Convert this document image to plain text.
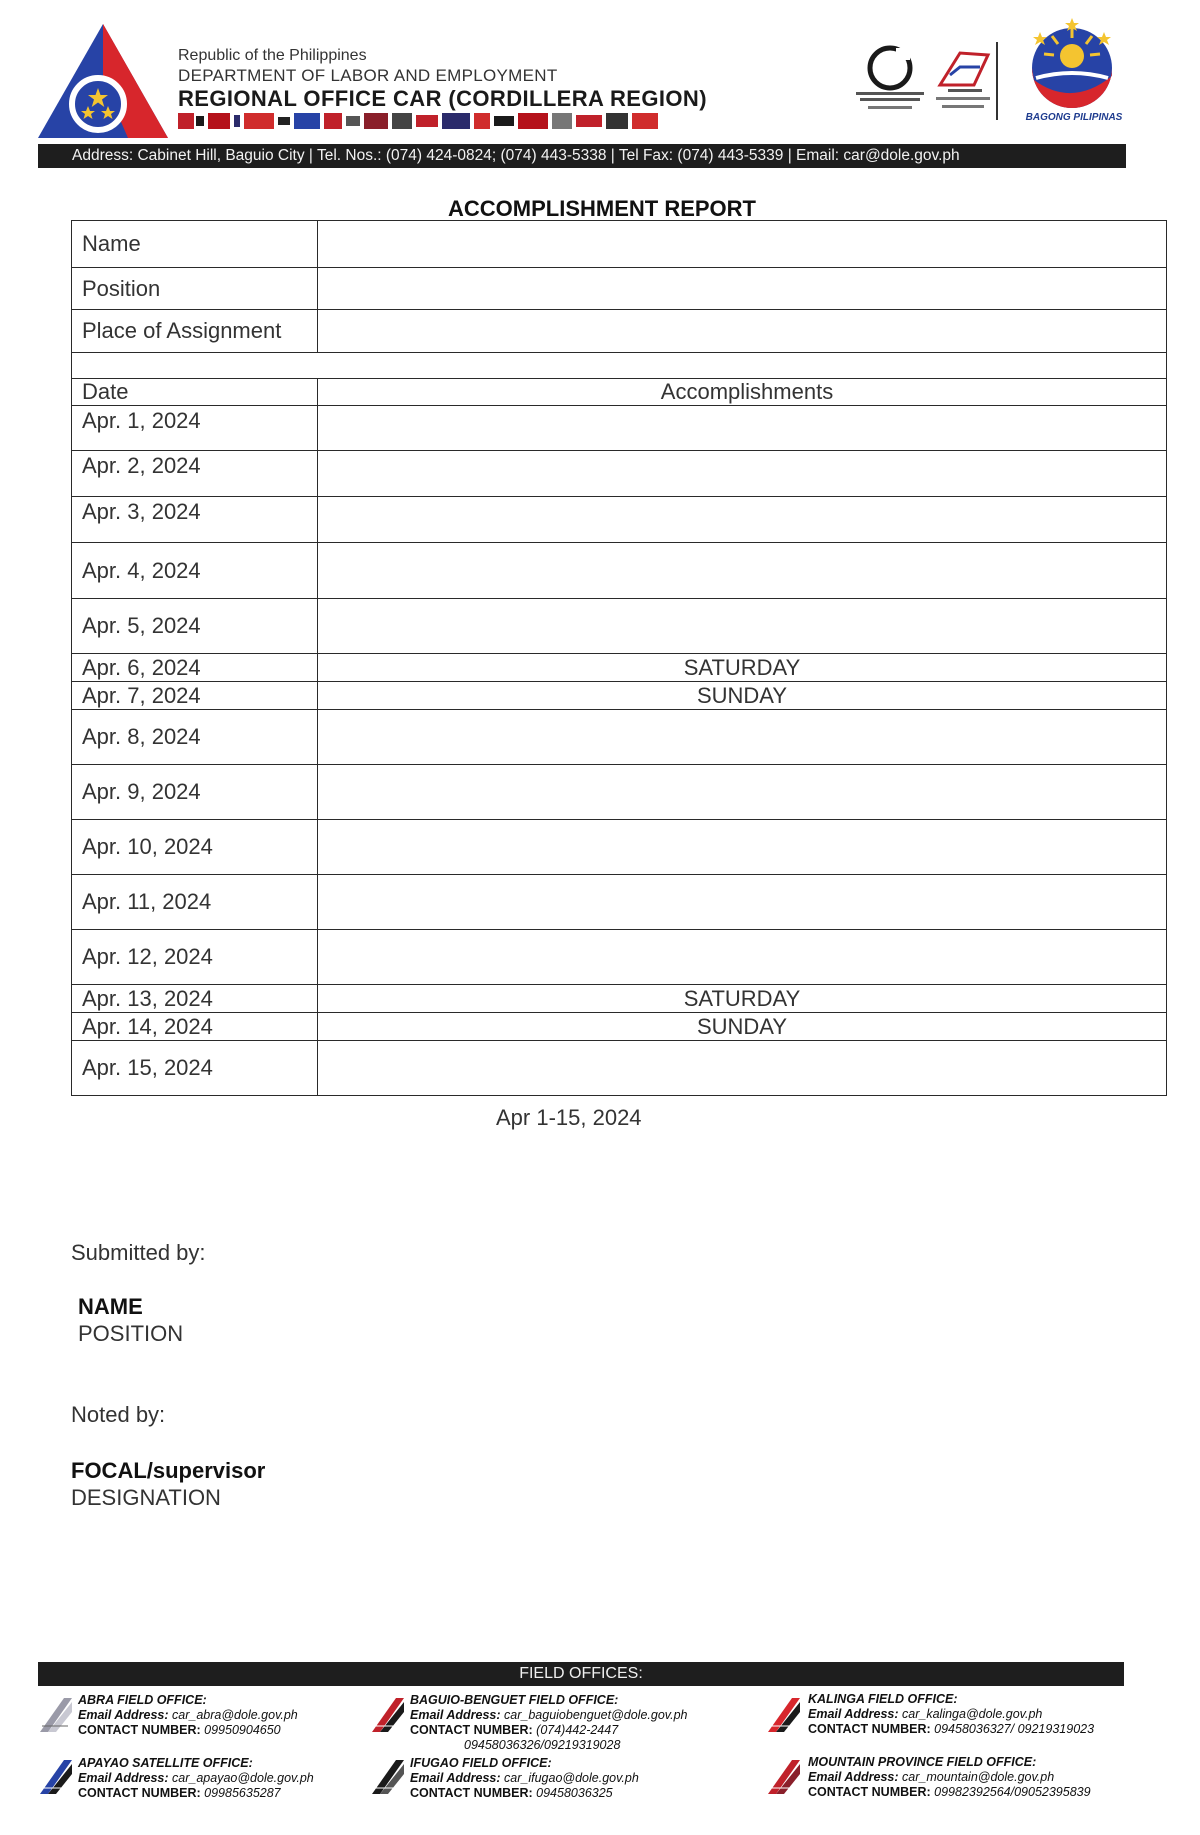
Republic of the Philippines
DEPARTMENT OF LABOR AND EMPLOYMENT
REGIONAL OFFICE CAR (CORDILLERA REGION)
BAGONG PILIPINAS
Address: Cabinet Hill, Baguio City | Tel. Nos.: (074) 424-0824; (074) 443-5338 | Tel Fax: (074) 443-5339 | Email: car@dole.gov.ph
ACCOMPLISHMENT REPORT
Name	
Position	
Place of Assignment	

Date	Accomplishments
Apr. 1, 2024	
Apr. 2, 2024	
Apr. 3, 2024	
Apr. 4, 2024	
Apr. 5, 2024	
Apr. 6, 2024	SATURDAY
Apr. 7, 2024	SUNDAY
Apr. 8, 2024	
Apr. 9, 2024	
Apr. 10, 2024	
Apr. 11, 2024	
Apr. 12, 2024	
Apr. 13, 2024	SATURDAY
Apr. 14, 2024	SUNDAY
Apr. 15, 2024	
Apr 1-15, 2024
Submitted by:
NAME
POSITION
Noted by:
FOCAL/supervisor
DESIGNATION
FIELD OFFICES:
ABRA FIELD OFFICE:
Email Address: car_abra@dole.gov.ph
CONTACT NUMBER: 09950904650
BAGUIO-BENGUET FIELD OFFICE:
Email Address: car_baguiobenguet@dole.gov.ph
CONTACT NUMBER: (074)442-2447
09458036326/09219319028
KALINGA FIELD OFFICE:
Email Address: car_kalinga@dole.gov.ph
CONTACT NUMBER: 09458036327/ 09219319023
APAYAO SATELLITE OFFICE:
Email Address: car_apayao@dole.gov.ph
CONTACT NUMBER: 09985635287
IFUGAO FIELD OFFICE:
Email Address: car_ifugao@dole.gov.ph
CONTACT NUMBER: 09458036325
MOUNTAIN PROVINCE FIELD OFFICE:
Email Address: car_mountain@dole.gov.ph
CONTACT NUMBER: 09982392564/09052395839
